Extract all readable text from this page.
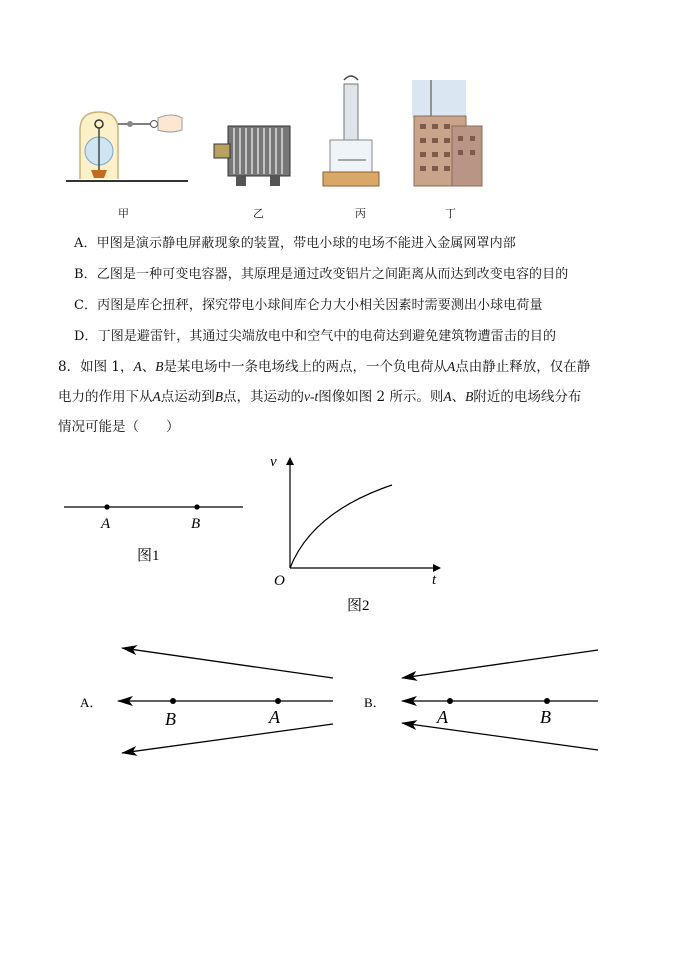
甲	乙	丙	丁
A．甲图是演示静电屏蔽现象的装置，带电小球的电场不能进入金属网罩内部
B．乙图是一种可变电容器，其原理是通过改变铝片之间距离从而达到改变电容的目的
C．丙图是库仑扭秤，探究带电小球间库仑力大小相关因素时需要测出小球电荷量
D．丁图是避雷针，其通过尖端放电中和空气中的电荷达到避免建筑物遭雷击的目的
8．如图 1，A、B是某电场中一条电场线上的两点，一个负电荷从A点由静止释放，仅在静
电力的作用下从A点运动到B点，其运动的v-t图像如图 2 所示。则A、B附近的电场线分布
情况可能是（　　）
A	B
图1
v
t
O
图2
A．
B	A
B．
A	B
